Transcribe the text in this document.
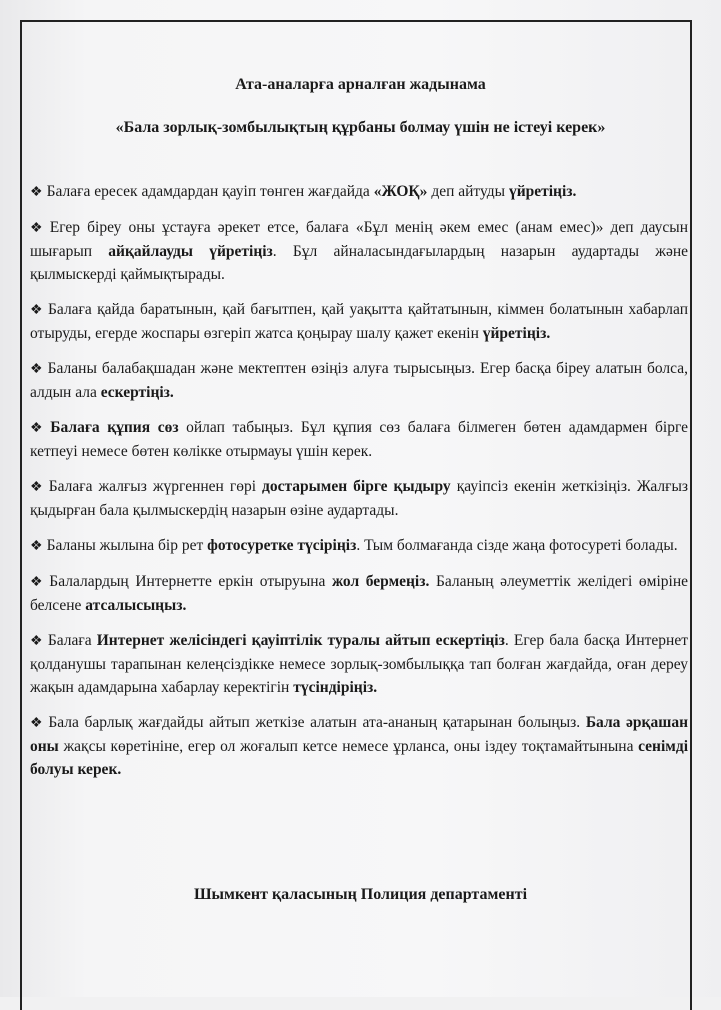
Ата-аналарға арналған жадынама
«Бала зорлық-зомбылықтың құрбаны болмау үшін не істеуі керек»
❖ Балаға ересек адамдардан қауіп төнген жағдайда «ЖОҚ» деп айтуды үйретіңіз.
❖ Егер біреу оны ұстауға әрекет етсе, балаға «Бұл менің әкем емес (анам емес)» деп даусын шығарып айқайлауды үйретіңіз. Бұл айналасындағылардың назарын аудартады және қылмыскерді қаймықтырады.
❖ Балаға қайда баратынын, қай бағытпен, қай уақытта қайтатынын, кіммен болатынын хабарлап отыруды, егерде жоспары өзгеріп жатса қоңырау шалу қажет екенін үйретіңіз.
❖ Баланы балабақшадан және мектептен өзіңіз алуға тырысыңыз. Егер басқа біреу алатын болса, алдын ала ескертіңіз.
❖ Балаға құпия сөз ойлап табыңыз. Бұл құпия сөз балаға білмеген бөтен адамдармен бірге кетпеуі немесе бөтен көлікке отырмауы үшін керек.
❖ Балаға жалғыз жүргеннен гөрі достарымен бірге қыдыру қауіпсіз екенін жеткізіңіз. Жалғыз қыдырған бала қылмыскердің назарын өзіне аудартады.
❖ Баланы жылына бір рет фотосуретке түсіріңіз. Тым болмағанда сізде жаңа фотосуреті болады.
❖ Балалардың Интернетте еркін отыруына жол бермеңіз. Баланың әлеуметтік желідегі өміріне белсене атсалысыңыз.
❖ Балаға Интернет желісіндегі қауіптілік туралы айтып ескертіңіз. Егер бала басқа Интернет қолданушы тарапынан келеңсіздікке немесе зорлық-зомбылыққа тап болған жағдайда, оған дереу жақын адамдарына хабарлау керектігін түсіндіріңіз.
❖ Бала барлық жағдайды айтып жеткізе алатын ата-ананың қатарынан болыңыз. Бала әрқашан оны жақсы көретініне, егер ол жоғалып кетсе немесе ұрланса, оны іздеу тоқтамайтынына сенімді болуы керек.
Шымкент қаласының Полиция департаменті
